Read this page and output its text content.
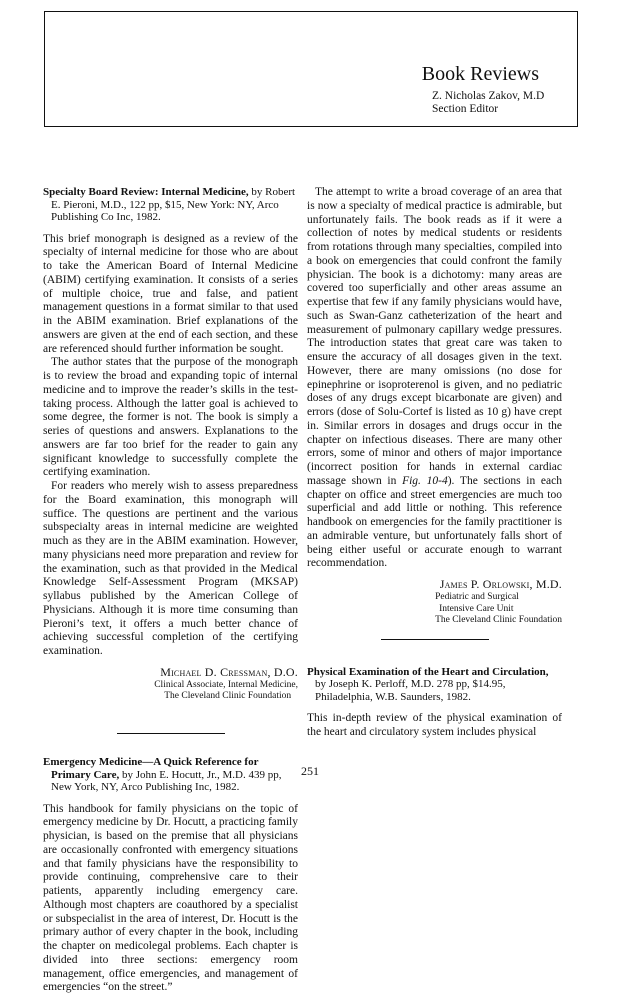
Book Reviews
Z. Nicholas Zakov, M.D
Section Editor
Specialty Board Review: Internal Medicine, by Robert E. Pieroni, M.D., 122 pp, $15, New York: NY, Arco Publishing Co Inc, 1982.

This brief monograph is designed as a review of the specialty of internal medicine for those who are about to take the American Board of Internal Medicine (ABIM) certifying examination. It consists of a series of multiple choice, true and false, and patient management questions in a format similar to that used in the ABIM examination. Brief explanations of the answers are given at the end of each section, and these are referenced should further information be sought.

The author states that the purpose of the monograph is to review the broad and expanding topic of internal medicine and to improve the reader’s skills in the test-taking process. Although the latter goal is achieved to some degree, the former is not. The book is simply a series of questions and answers. Explanations to the answers are far too brief for the reader to gain any significant knowledge to successfully complete the certifying examination.

For readers who merely wish to assess preparedness for the Board examination, this monograph will suffice. The questions are pertinent and the various subspecialty areas in internal medicine are weighted much as they are in the ABIM examination. However, many physicians need more preparation and review for the examination, such as that provided in the Medical Knowledge Self-Assessment Program (MKSAP) syllabus published by the American College of Physicians. Although it is more time consuming than Pieroni’s text, it offers a much better chance of achieving successful completion of the certifying examination.

Michael D. Cressman, D.O.
Clinical Associate, Internal Medicine,
The Cleveland Clinic Foundation
Emergency Medicine—A Quick Reference for Primary Care, by John E. Hocutt, Jr., M.D. 439 pp, New York, NY, Arco Publishing Inc, 1982.

This handbook for family physicians on the topic of emergency medicine by Dr. Hocutt, a practicing family physician, is based on the premise that all physicians are occasionally confronted with emergency situations and that family physicians have the responsibility to provide continuing, comprehensive care to their patients, apparently including emergency care. Although most chapters are coauthored by a specialist or subspecialist in the area of interest, Dr. Hocutt is the primary author of every chapter in the book, including the chapter on medicolegal problems. Each chapter is divided into three sections: emergency room management, office emergencies, and management of emergencies “on the street.”

The attempt to write a broad coverage of an area that is now a specialty of medical practice is admirable, but unfortunately fails. The book reads as if it were a collection of notes by medical students or residents from rotations through many specialties, compiled into a book on emergencies that could confront the family physician. The book is a dichotomy: many areas are covered too superficially and other areas assume an expertise that few if any family physicians would have, such as Swan-Ganz catheterization of the heart and measurement of pulmonary capillary wedge pressures. The introduction states that great care was taken to ensure the accuracy of all dosages given in the text. However, there are many omissions (no dose for epinephrine or isoproterenol is given, and no pediatric doses of any drugs except bicarbonate are given) and errors (dose of Solu-Cortef is listed as 10 g) have crept in. Similar errors in dosages and drugs occur in the chapter on infectious diseases. There are many other errors, some of minor and others of major importance (incorrect position for hands in external cardiac massage shown in Fig. 10-4). The sections in each chapter on office and street emergencies are much too superficial and add little or nothing. This reference handbook on emergencies for the family practitioner is an admirable venture, but unfortunately falls short of being either useful or accurate enough to warrant recommendation.

James P. Orlowski, M.D.
Pediatric and Surgical
Intensive Care Unit
The Cleveland Clinic Foundation
Physical Examination of the Heart and Circulation, by Joseph K. Perloff, M.D. 278 pp, $14.95, Philadelphia, W.B. Saunders, 1982.

This in-depth review of the physical examination of the heart and circulatory system includes physical

251
